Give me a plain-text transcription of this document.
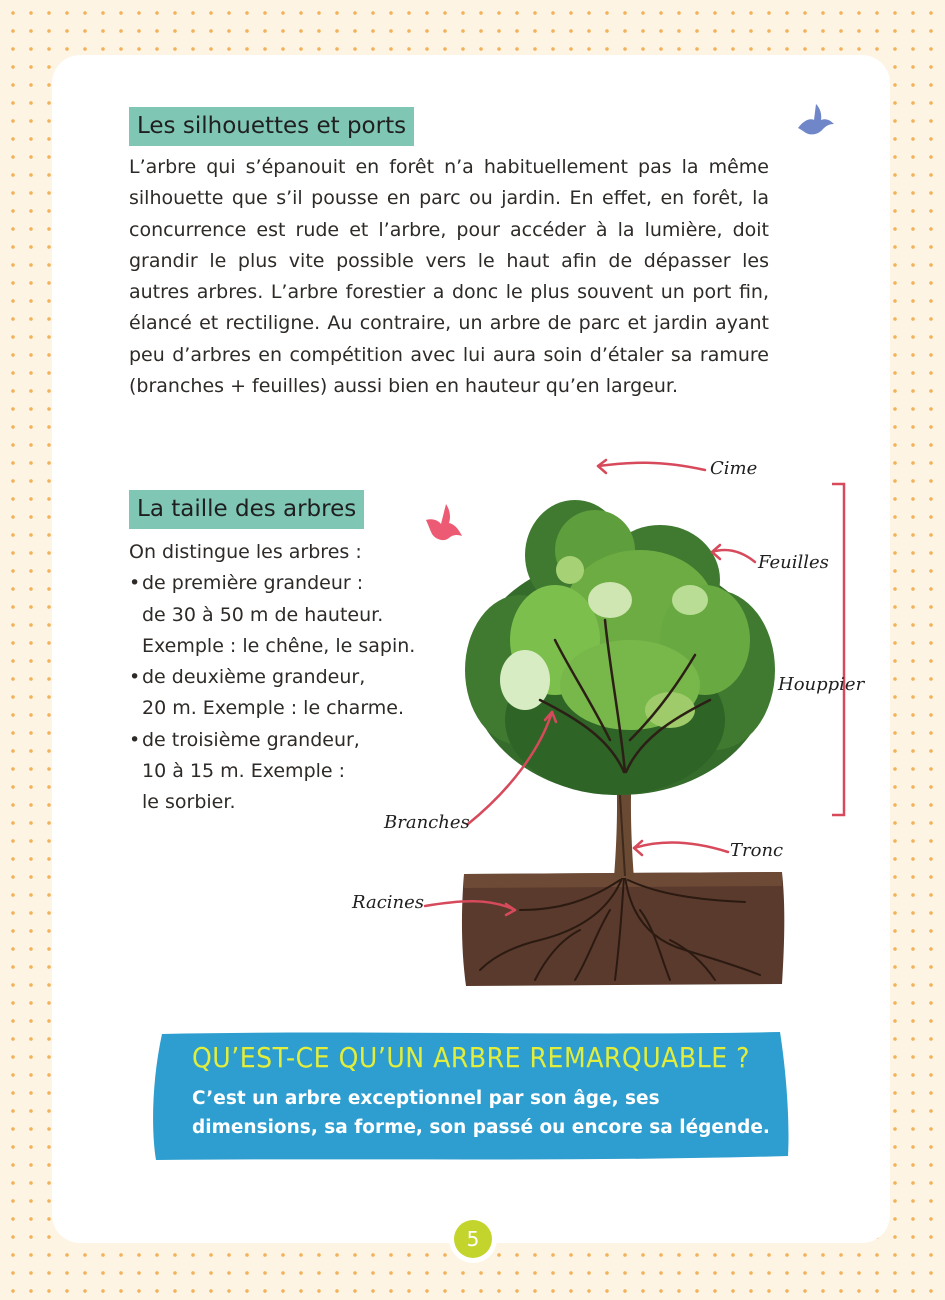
Les silhouettes et ports

L’arbre qui s’épanouit en forêt n’a habituellement pas la même silhouette que s’il pousse en parc ou jardin. En effet, en forêt, la concurrence est rude et l’arbre, pour accéder à la lumière, doit grandir le plus vite possible vers le haut afin de dépasser les autres arbres. L’arbre forestier a donc le plus souvent un port fin, élancé et rectiligne. Au contraire, un arbre de parc et jardin ayant peu d’arbres en compétition avec lui aura soin d’étaler sa ramure (branches + feuilles) aussi bien en hauteur qu’en largeur.

La taille des arbres
On distingue les arbres :
• de première grandeur :
de 30 à 50 m de hauteur.
Exemple : le chêne, le sapin.
• de deuxième grandeur,
20 m. Exemple : le charme.
• de troisième grandeur,
10 à 15 m. Exemple :
le sorbier.
Cime
Feuilles
Houppier
Branches
Tronc
Racines
QU’EST-CE QU’UN ARBRE REMARQUABLE ?
C’est un arbre exceptionnel par son âge, ses dimensions, sa forme, son passé ou encore sa légende.
5
